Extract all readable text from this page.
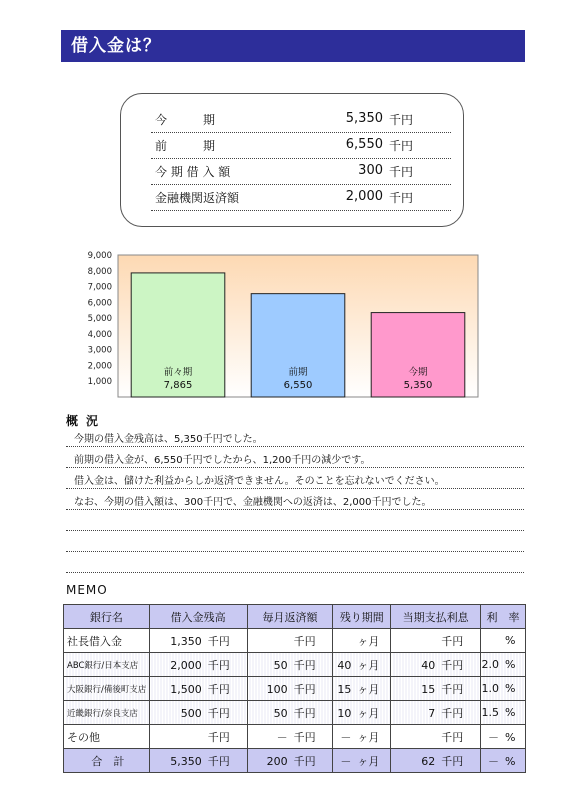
借入金は？
今　　　期	5,350 千円
前　　　期	6,550 千円
今 期 借 入 額	300 千円
金融機関返済額	2,000 千円
1,000
2,000
3,000
4,000
5,000
6,000
7,000
8,000
9,000
前々期
7,865
前期
6,550
今期
5,350
概況
今期の借入金残高は、5,350千円でした。
前期の借入金が、6,550千円でしたから、1,200千円の減少です。
借入金は、儲けた利益からしか返済できません。そのことを忘れないでください。
なお、今期の借入額は、300千円で、金融機関への返済は、2,000千円でした。
MEMO
銀行名	借入金残高	毎月返済額	残り期間	当期支払利息	利　率
社長借入金	1,350 千円	千円	ヶ月	千円	%
ABC銀行/日本支店	2,000 千円	50 千円	40 ヶ月	40 千円	2.0 %
大阪銀行/備後町支店	1,500 千円	100 千円	15 ヶ月	15 千円	1.0 %
近畿銀行/奈良支店	500 千円	50 千円	10 ヶ月	7 千円	1.5 %
その他	千円	－ 千円	－ ヶ月	千円	－ %
合　計	5,350 千円	200 千円	－ ヶ月	62 千円	－ %
